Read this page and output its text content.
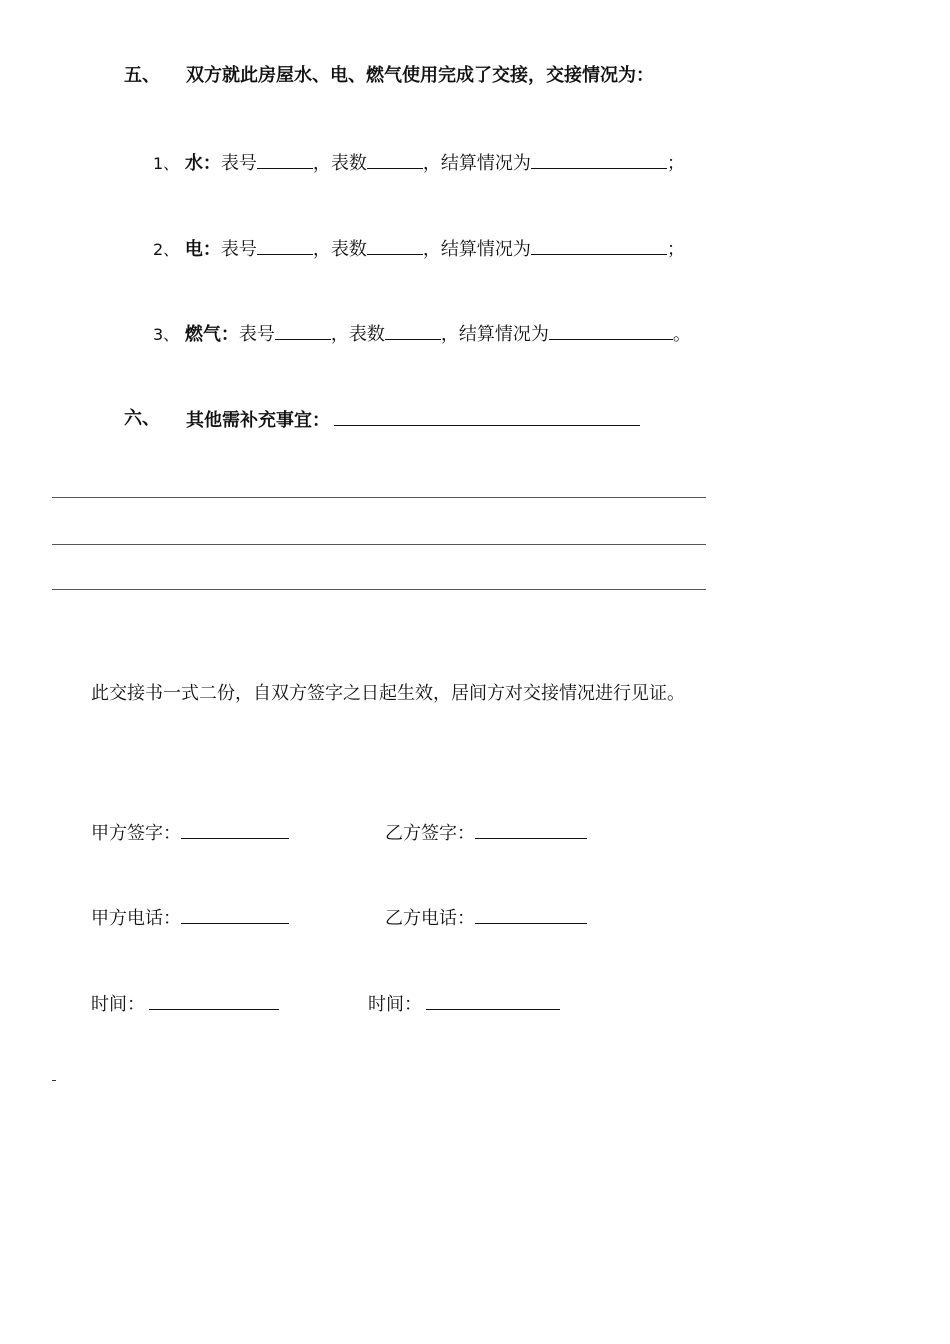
五、 双方就此房屋水、电、燃气使用完成了交接，交接情况为：
1、 水：表号	，表数	，结算情况为	；
2、 电：表号	，表数	，结算情况为	；
3、 燃气：表号	，表数	，结算情况为	。
六、 其他需补充事宜：
此交接书一式二份，自双方签字之日起生效，居间方对交接情况进行见证。
甲方签字：	乙方签字：
甲方电话：	乙方电话：
时间：	时间：
